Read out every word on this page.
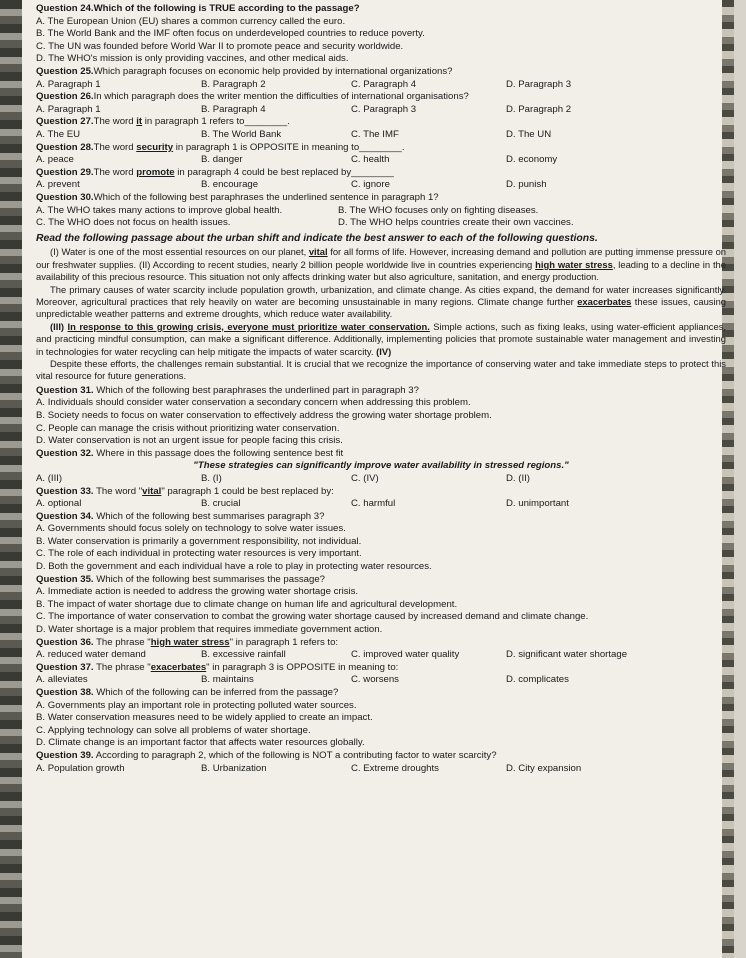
Question 24.Which of the following is TRUE according to the passage?
A. The European Union (EU) shares a common currency called the euro.
B. The World Bank and the IMF often focus on underdeveloped countries to reduce poverty.
C. The UN was founded before World War II to promote peace and security worldwide.
D. The WHO's mission is only providing vaccines, and other medical aids.
Question 25.Which paragraph focuses on economic help provided by international organizations?
A. Paragraph 1	B. Paragraph 2	C. Paragraph 4	D. Paragraph 3
Question 26.In which paragraph does the writer mention the difficulties of international organisations?
A. Paragraph 1	B. Paragraph 4	C. Paragraph 3	D. Paragraph 2
Question 27.The word it in paragraph 1 refers to________.
A. The EU	B. The World Bank	C. The IMF	D. The UN
Question 28.The word security in paragraph 1 is OPPOSITE in meaning to________.
A. peace	B. danger	C. health	D. economy
Question 29.The word promote in paragraph 4 could be best replaced by________
A. prevent	B. encourage	C. ignore	D. punish
Question 30.Which of the following best paraphrases the underlined sentence in paragraph 1?
A. The WHO takes many actions to improve global health.	B. The WHO focuses only on fighting diseases.
C. The WHO does not focus on health issues.	D. The WHO helps countries create their own vaccines.
Read the following passage about the urban shift and indicate the best answer to each of the following questions.

(I) Water is one of the most essential resources on our planet, vital for all forms of life. However, increasing demand and pollution are putting immense pressure on our freshwater supplies. (II) According to recent studies, nearly 2 billion people worldwide live in countries experiencing high water stress, leading to a decline in the availability of this precious resource. This situation not only affects drinking water but also agriculture, sanitation, and energy production.

The primary causes of water scarcity include population growth, urbanization, and climate change. As cities expand, the demand for water increases significantly. Moreover, agricultural practices that rely heavily on water are becoming unsustainable in many regions. Climate change further exacerbates these issues, causing unpredictable weather patterns and extreme droughts, which reduce water availability.

(III) In response to this growing crisis, everyone must prioritize water conservation. Simple actions, such as fixing leaks, using water-efficient appliances, and practicing mindful consumption, can make a significant difference. Additionally, implementing policies that promote sustainable water management and investing in technologies for water recycling can help mitigate the impacts of water scarcity. (IV)

Despite these efforts, the challenges remain substantial. It is crucial that we recognize the importance of conserving water and take immediate steps to protect this vital resource for future generations.

Question 31. Which of the following best paraphrases the underlined part in paragraph 3?
A. Individuals should consider water conservation a secondary concern when addressing this problem.
B. Society needs to focus on water conservation to effectively address the growing water shortage problem.
C. People can manage the crisis without prioritizing water conservation.
D. Water conservation is not an urgent issue for people facing this crisis.
Question 32. Where in this passage does the following sentence best fit
"These strategies can significantly improve water availability in stressed regions."
A. (III)	B. (I)	C. (IV)	D. (II)
Question 33. The word "vital" paragraph 1 could be best replaced by:
A. optional	B. crucial	C. harmful	D. unimportant
Question 34. Which of the following best summarises paragraph 3?
A. Governments should focus solely on technology to solve water issues.
B. Water conservation is primarily a government responsibility, not individual.
C. The role of each individual in protecting water resources is very important.
D. Both the government and each individual have a role to play in protecting water resources.
Question 35. Which of the following best summarises the passage?
A. Immediate action is needed to address the growing water shortage crisis.
B. The impact of water shortage due to climate change on human life and agricultural development.
C. The importance of water conservation to combat the growing water shortage caused by increased demand and climate change.
D. Water shortage is a major problem that requires immediate government action.
Question 36. The phrase "high water stress" in paragraph 1 refers to:
A. reduced water demand	B. excessive rainfall	C. improved water quality	D. significant water shortage
Question 37. The phrase "exacerbates" in paragraph 3 is OPPOSITE in meaning to:
A. alleviates	B. maintains	C. worsens	D. complicates
Question 38. Which of the following can be inferred from the passage?
A. Governments play an important role in protecting polluted water sources.
B. Water conservation measures need to be widely applied to create an impact.
C. Applying technology can solve all problems of water shortage.
D. Climate change is an important factor that affects water resources globally.
Question 39. According to paragraph 2, which of the following is NOT a contributing factor to water scarcity?
A. Population growth	B. Urbanization	C. Extreme droughts	D. City expansion
